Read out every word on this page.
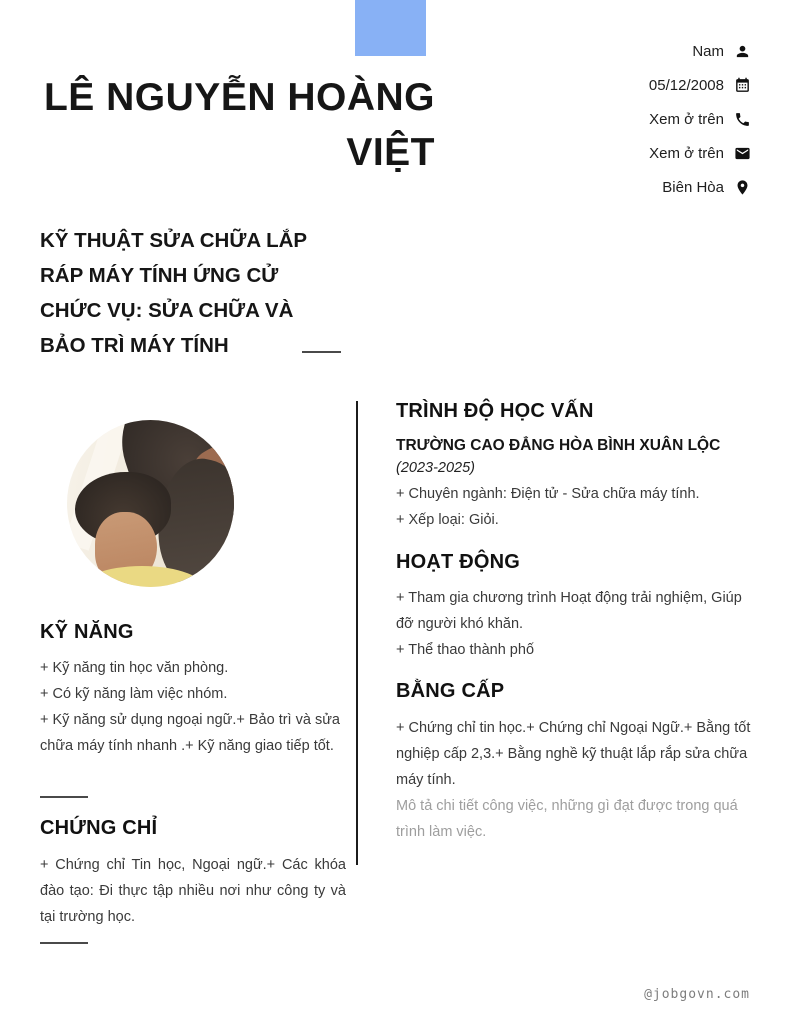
Nam
05/12/2008
Xem ở trên
Xem ở trên
Biên Hòa
LÊ NGUYỄN HOÀNG VIỆT
KỸ THUẬT SỬA CHỮA LẮP RÁP MÁY TÍNH ỨNG CỬ CHỨC VỤ: SỬA CHỮA VÀ BẢO TRÌ MÁY TÍNH
KỸ NĂNG

+ Kỹ năng tin học văn phòng.

+ Có kỹ năng làm việc nhóm.

+ Kỹ năng sử dụng ngoại ngữ.+ Bảo trì và sửa chữa máy tính nhanh .+ Kỹ năng giao tiếp tốt.

CHỨNG CHỈ

+ Chứng chỉ Tin học, Ngoại ngữ.+ Các khóa đào tạo: Đi thực tập nhiều nơi như công ty và tại trường học.

TRÌNH ĐỘ HỌC VẤN
TRƯỜNG CAO ĐẲNG HÒA BÌNH XUÂN LỘC
(2023-2025)

+ Chuyên ngành: Điện tử - Sửa chữa máy tính.

+ Xếp loại: Giỏi.

HOẠT ĐỘNG

+ Tham gia chương trình Hoạt động trải nghiệm, Giúp đỡ người khó khăn.

+ Thể thao thành phố

BẰNG CẤP

+ Chứng chỉ tin học.+ Chứng chỉ Ngoại Ngữ.+ Bằng tốt nghiệp cấp 2,3.+ Bằng nghề kỹ thuật lắp rắp sửa chữa máy tính.

Mô tả chi tiết công việc, những gì đạt được trong quá trình làm việc.

@jobgovn.com
